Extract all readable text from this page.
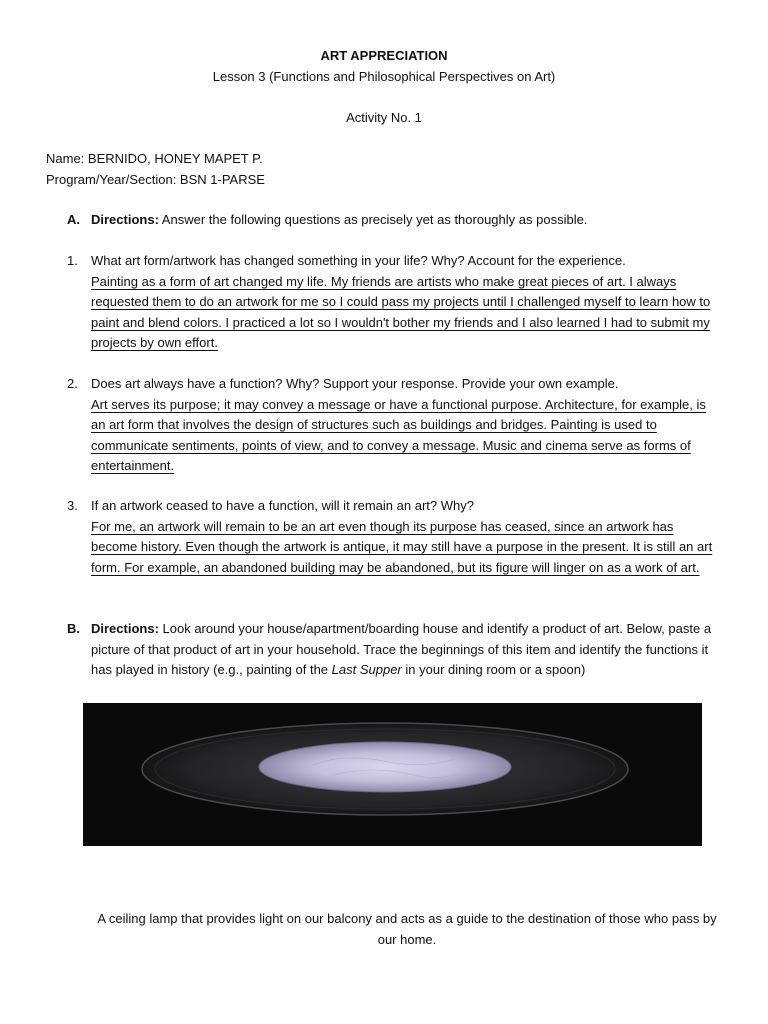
ART APPRECIATION
Lesson 3 (Functions and Philosophical Perspectives on Art)
Activity No. 1
Name: BERNIDO, HONEY MAPET P.
Program/Year/Section: BSN 1-PARSE
A. Directions: Answer the following questions as precisely yet as thoroughly as possible.
1. What art form/artwork has changed something in your life? Why? Account for the experience.
Painting as a form of art changed my life. My friends are artists who make great pieces of art. I always requested them to do an artwork for me so I could pass my projects until I challenged myself to learn how to paint and blend colors. I practiced a lot so I wouldn't bother my friends and I also learned I had to submit my projects by own effort.
2. Does art always have a function? Why? Support your response. Provide your own example.
Art serves its purpose; it may convey a message or have a functional purpose. Architecture, for example, is an art form that involves the design of structures such as buildings and bridges. Painting is used to communicate sentiments, points of view, and to convey a message. Music and cinema serve as forms of entertainment.
3. If an artwork ceased to have a function, will it remain an art? Why?
For me, an artwork will remain to be an art even though its purpose has ceased, since an artwork has become history. Even though the artwork is antique, it may still have a purpose in the present. It is still an art form. For example, an abandoned building may be abandoned, but its figure will linger on as a work of art.
B. Directions: Look around your house/apartment/boarding house and identify a product of art. Below, paste a picture of that product of art in your household. Trace the beginnings of this item and identify the functions it has played in history (e.g., painting of the Last Supper in your dining room or a spoon)
A ceiling lamp that provides light on our balcony and acts as a guide to the destination of those who pass by our home.
